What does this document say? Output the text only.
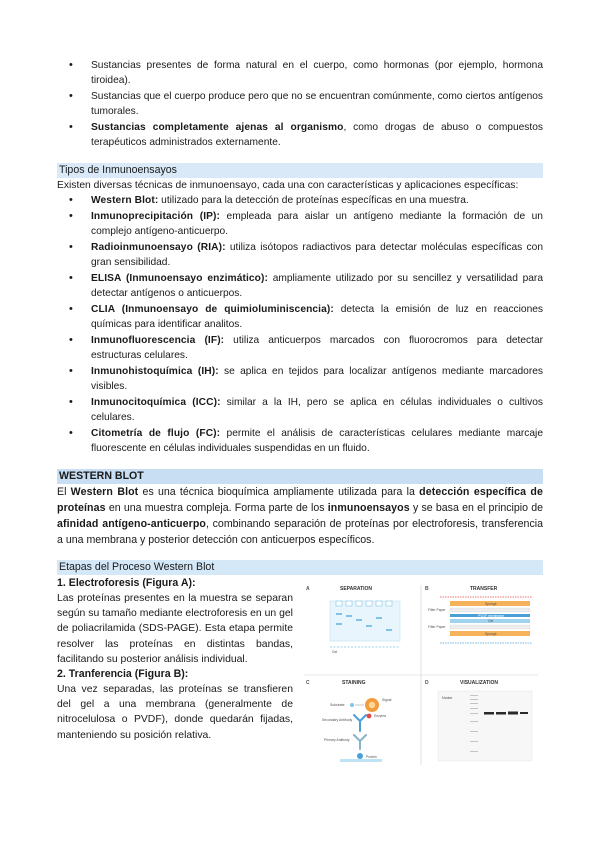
• Sustancias presentes de forma natural en el cuerpo, como hormonas (por ejemplo, hormona tiroidea).
• Sustancias que el cuerpo produce pero que no se encuentran comúnmente, como ciertos antígenos tumorales.
• Sustancias completamente ajenas al organismo, como drogas de abuso o compuestos terapéuticos administrados externamente.
Tipos de Inmunoensayos

Existen diversas técnicas de inmunoensayo, cada una con características y aplicaciones específicas:

• Western Blot: utilizado para la detección de proteínas específicas en una muestra.
• Inmunoprecipitación (IP): empleada para aislar un antígeno mediante la formación de un complejo antígeno-anticuerpo.
• Radioinmunoensayo (RIA): utiliza isótopos radiactivos para detectar moléculas específicas con gran sensibilidad.
• ELISA (Inmunoensayo enzimático): ampliamente utilizado por su sencillez y versatilidad para detectar antígenos o anticuerpos.
• CLIA (Inmunoensayo de quimioluminiscencia): detecta la emisión de luz en reacciones químicas para identificar analitos.
• Inmunofluorescencia (IF): utiliza anticuerpos marcados con fluorocromos para detectar estructuras celulares.
• Inmunohistoquímica (IH): se aplica en tejidos para localizar antígenos mediante marcadores visibles.
• Inmunocitoquímica (ICC): similar a la IH, pero se aplica en células individuales o cultivos celulares.
• Citometría de flujo (FC): permite el análisis de características celulares mediante marcaje fluorescente en células individuales suspendidas en un fluido.
WESTERN BLOT

El Western Blot es una técnica bioquímica ampliamente utilizada para la detección específica de proteínas en una muestra compleja. Forma parte de los inmunoensayos y se basa en el principio de afinidad antígeno-anticuerpo, combinando separación de proteínas por electroforesis, transferencia a una membrana y posterior detección con anticuerpos específicos.

Etapas del Proceso Western Blot
1. Electroforesis (Figura A):

Las proteínas presentes en la muestra se separan según su tamaño mediante electroforesis en un gel de poliacrilamida (SDS-PAGE). Esta etapa permite resolver las proteínas en distintas bandas, facilitando su posterior análisis individual.

2. Tranferencia (Figura B):

Una vez separadas, las proteínas se transfieren del gel a una membrana (generalmente de nitrocelulosa o PVDF), donde quedarán fijadas, manteniendo su posición relativa.

A	SEPARATION
Gel
B	TRANSFER
Sponge
Filter Paper
PVDF membrane
Gel
Filter Paper
Sponge
C	STAINING
Substrate
Signal
Secondary Antibody
Enzyme
Primary Antibody
Protein
D	VISUALIZATION
Marker
